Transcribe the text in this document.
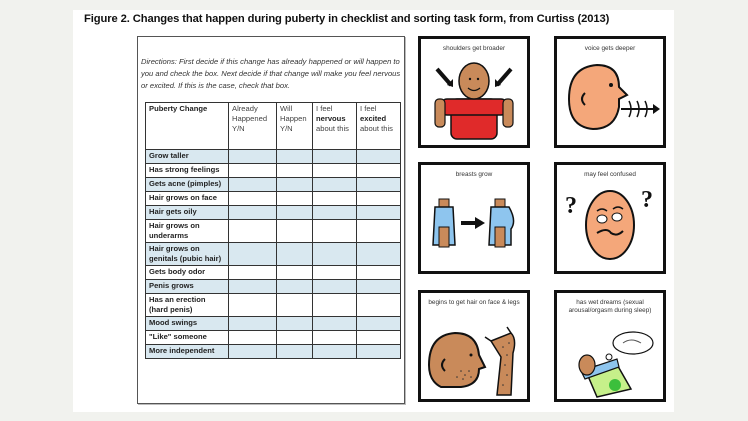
Figure 2. Changes that happen during puberty in checklist and sorting task form, from Curtiss (2013)
Directions: First decide if this change has already happened or will happen to you and check the box. Next decide if that change will make you feel nervous or excited. If this is the case, check that box.
Puberty Change	Already Happened Y/N	Will Happen Y/N	I feel
nervous
about this	I feel
excited
about this
Grow taller				
Has strong feelings				
Gets acne (pimples)				
Hair grows on face				
Hair gets oily				
Hair grows on underarms				
Hair grows on genitals (pubic hair)				
Gets body odor				
Penis grows				
Has an erection (hard penis)				
Mood swings				
"Like" someone				
More independent				
shoulders get broader	voice gets deeper
breasts grow
?	?
may feel confused
begins to get hair on face & legs	has wet dreams (sexual arousal/orgasm during sleep)
